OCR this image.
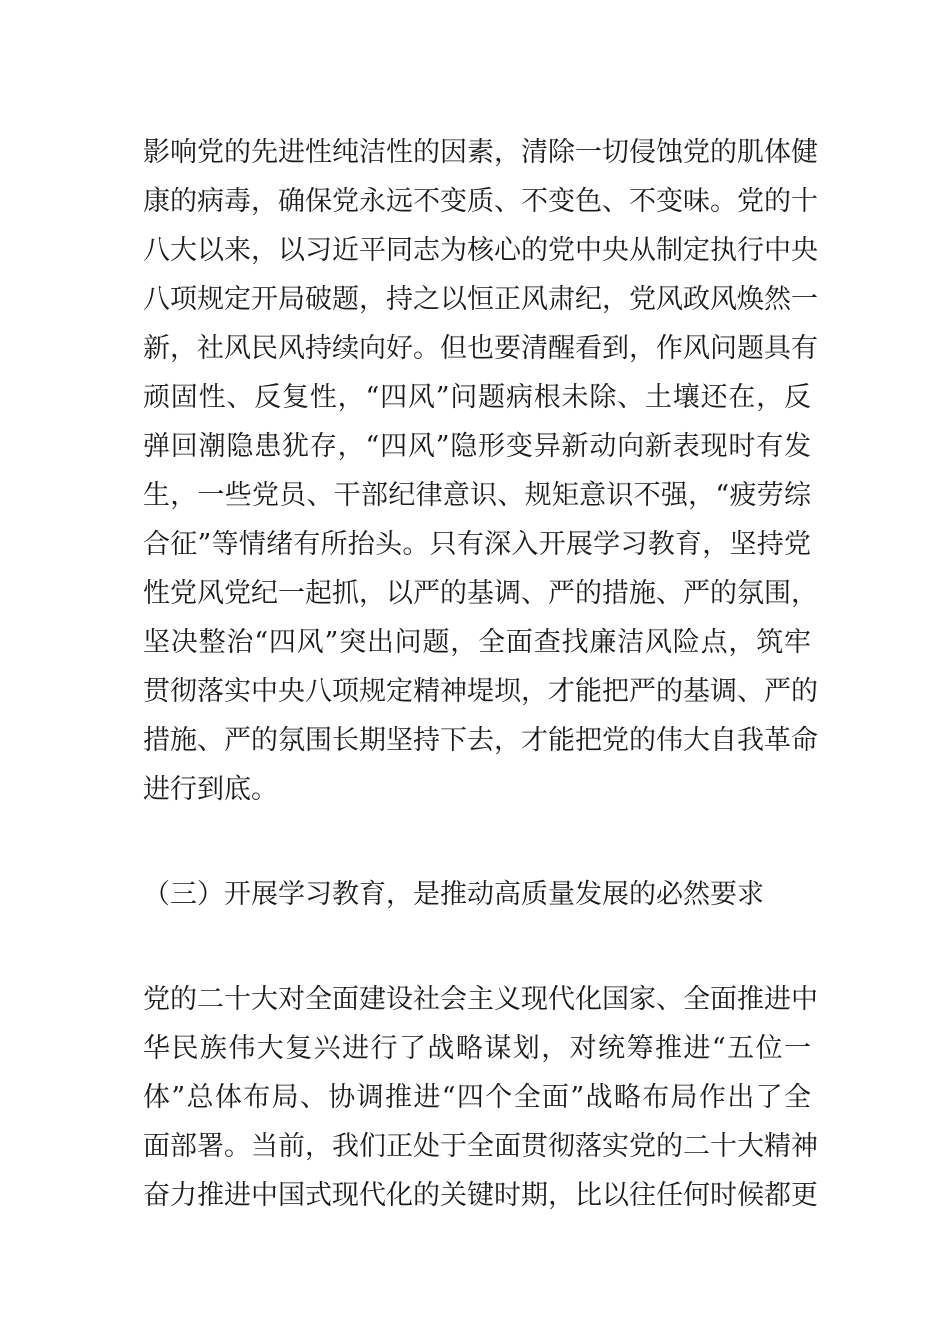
影响党的先进性纯洁性的因素，清除一切侵蚀党的肌体健
康的病毒，确保党永远不变质、不变色、不变味。党的十
八大以来，以习近平同志为核心的党中央从制定执行中央
八项规定开局破题，持之以恒正风肃纪，党风政风焕然一
新，社风民风持续向好。但也要清醒看到，作风问题具有
顽固性、反复性，“四风”问题病根未除、土壤还在，反
弹回潮隐患犹存，“四风”隐形变异新动向新表现时有发
生，一些党员、干部纪律意识、规矩意识不强，“疲劳综
合征”等情绪有所抬头。只有深入开展学习教育，坚持党
性党风党纪一起抓，以严的基调、严的措施、严的氛围，
坚决整治“四风”突出问题，全面查找廉洁风险点，筑牢
贯彻落实中央八项规定精神堤坝，才能把严的基调、严的
措施、严的氛围长期坚持下去，才能把党的伟大自我革命
进行到底。
（三）开展学习教育，是推动高质量发展的必然要求
党的二十大对全面建设社会主义现代化国家、全面推进中
华民族伟大复兴进行了战略谋划，对统筹推进“五位一
体”总体布局、协调推进“四个全面”战略布局作出了全
面部署。当前，我们正处于全面贯彻落实党的二十大精神
奋力推进中国式现代化的关键时期，比以往任何时候都更
